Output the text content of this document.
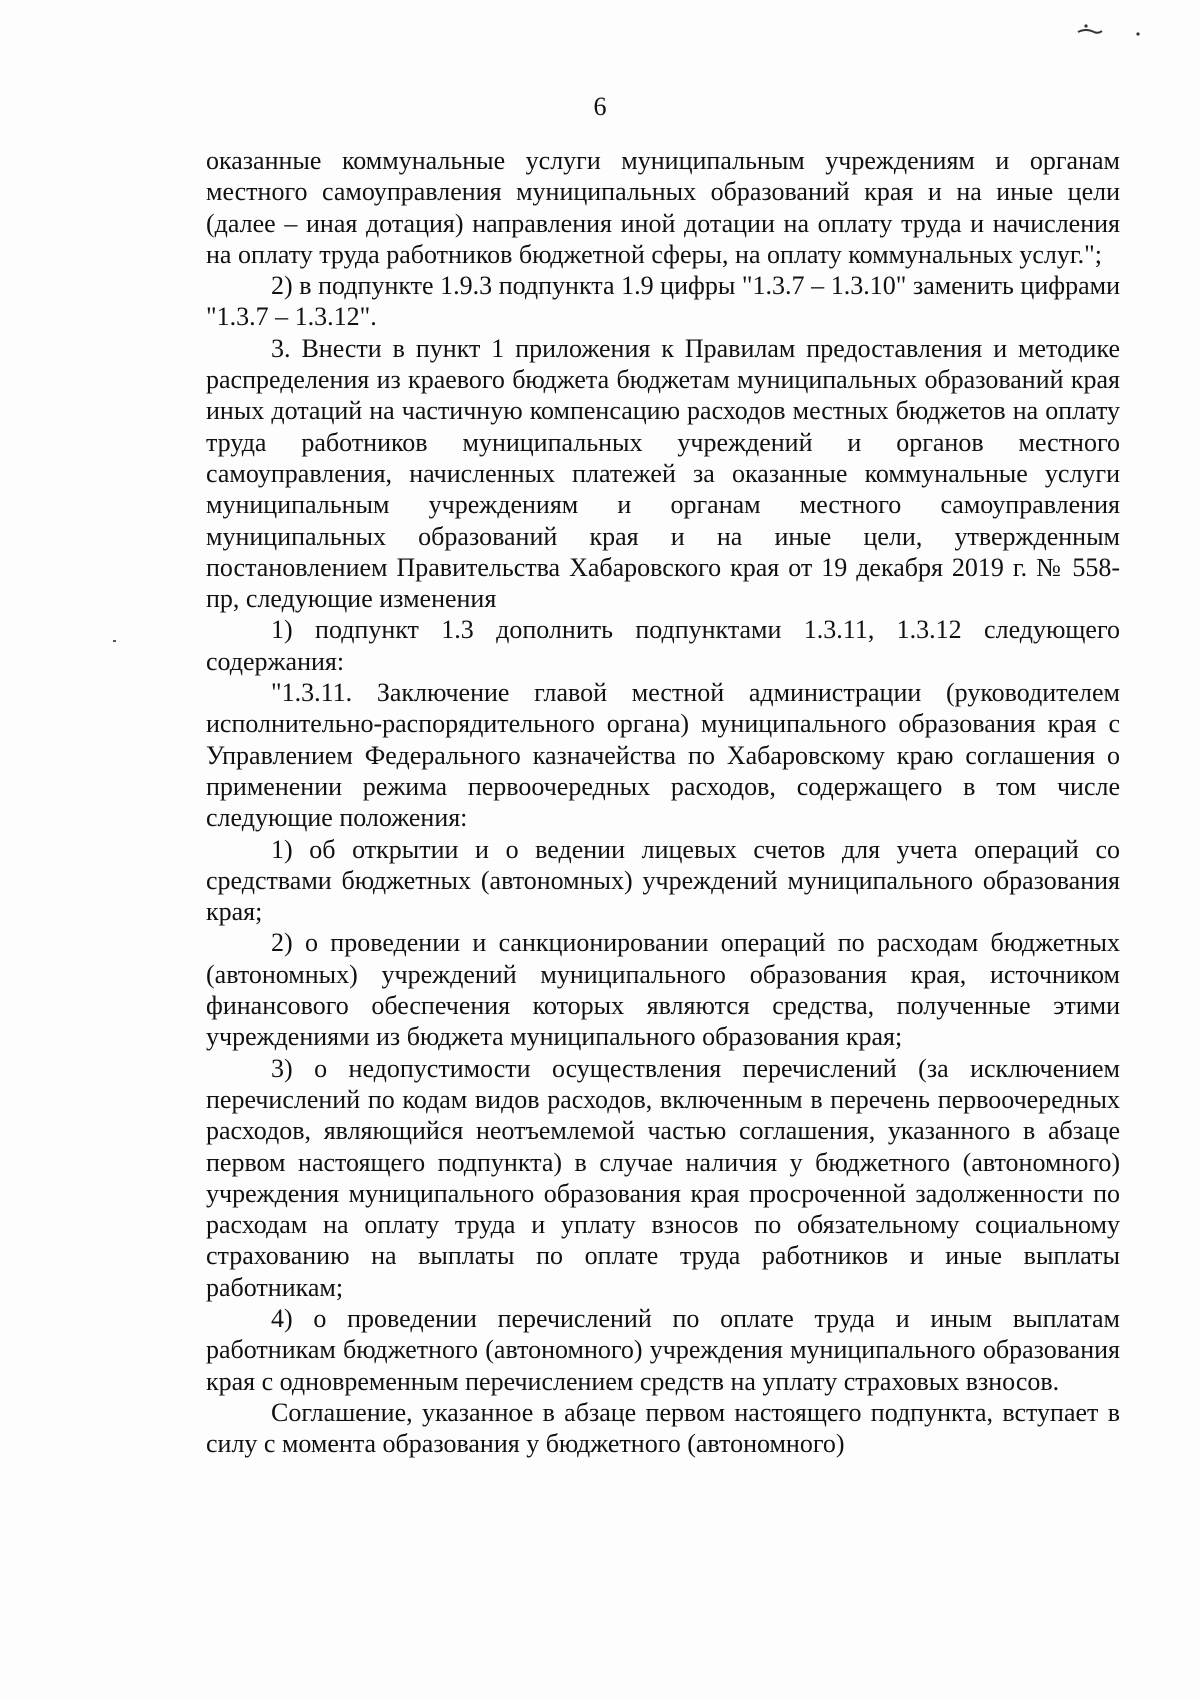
6

оказанные коммунальные услуги муниципальным учреждениям и органам местного самоуправления муниципальных образований края и на иные цели (далее – иная дотация) направления иной дотации на оплату труда и начисления на оплату труда работников бюджетной сферы, на оплату коммунальных услуг.";

2) в подпункте 1.9.3 подпункта 1.9 цифры "1.3.7 – 1.3.10" заменить цифрами "1.3.7 – 1.3.12".

3. Внести в пункт 1 приложения к Правилам предоставления и методике распределения из краевого бюджета бюджетам муниципальных образований края иных дотаций на частичную компенсацию расходов местных бюджетов на оплату труда работников муниципальных учреждений и органов местного самоуправления, начисленных платежей за оказанные коммунальные услуги муниципальным учреждениям и органам местного самоуправления муниципальных образований края и на иные цели, утвержденным постановлением Правительства Хабаровского края от 19 декабря 2019 г. № 558-пр, следующие изменения

1) подпункт 1.3 дополнить подпунктами 1.3.11, 1.3.12 следующего содержания:

"1.3.11. Заключение главой местной администрации (руководителем исполнительно-распорядительного органа) муниципального образования края с Управлением Федерального казначейства по Хабаровскому краю соглашения о применении режима первоочередных расходов, содержащего в том числе следующие положения:

1) об открытии и о ведении лицевых счетов для учета операций со средствами бюджетных (автономных) учреждений муниципального образования края;

2) о проведении и санкционировании операций по расходам бюджетных (автономных) учреждений муниципального образования края, источником финансового обеспечения которых являются средства, полученные этими учреждениями из бюджета муниципального образования края;

3) о недопустимости осуществления перечислений (за исключением перечислений по кодам видов расходов, включенным в перечень первоочередных расходов, являющийся неотъемлемой частью соглашения, указанного в абзаце первом настоящего подпункта) в случае наличия у бюджетного (автономного) учреждения муниципального образования края просроченной задолженности по расходам на оплату труда и уплату взносов по обязательному социальному страхованию на выплаты по оплате труда работников и иные выплаты работникам;

4) о проведении перечислений по оплате труда и иным выплатам работникам бюджетного (автономного) учреждения муниципального образования края с одновременным перечислением средств на уплату страховых взносов.

Соглашение, указанное в абзаце первом настоящего подпункта, вступает в силу с момента образования у бюджетного (автономного)
